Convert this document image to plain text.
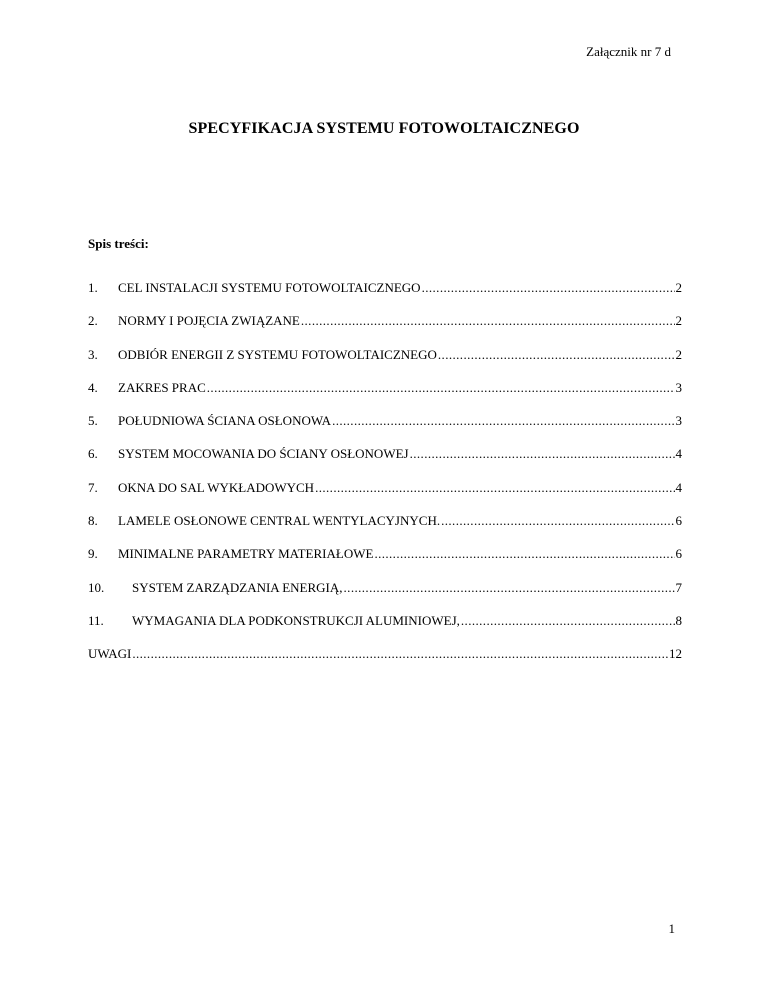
Załącznik nr 7 d
SPECYFIKACJA SYSTEMU FOTOWOLTAICZNEGO
Spis treści:
1.	CEL INSTALACJI SYSTEMU FOTOWOLTAICZNEGO .....	2
2.	NORMY I POJĘCIA ZWIĄZANE .....	2
3.	ODBIÓR ENERGII Z SYSTEMU FOTOWOLTAICZNEGO .....	2
4.	ZAKRES PRAC .....	3
5.	POŁUDNIOWA ŚCIANA OSŁONOWA .....	3
6.	SYSTEM MOCOWANIA DO ŚCIANY OSŁONOWEJ .....	4
7.	OKNA DO SAL WYKŁADOWYCH .....	4
8.	LAMELE OSŁONOWE CENTRAL WENTYLACYJNYCH. .....	6
9.	MINIMALNE PARAMETRY MATERIAŁOWE .....	6
10.	SYSTEM ZARZĄDZANIA ENERGIĄ, .....	7
11.	WYMAGANIA DLA PODKONSTRUKCJI ALUMINIOWEJ, .....	8
UWAGI .....	12
1
